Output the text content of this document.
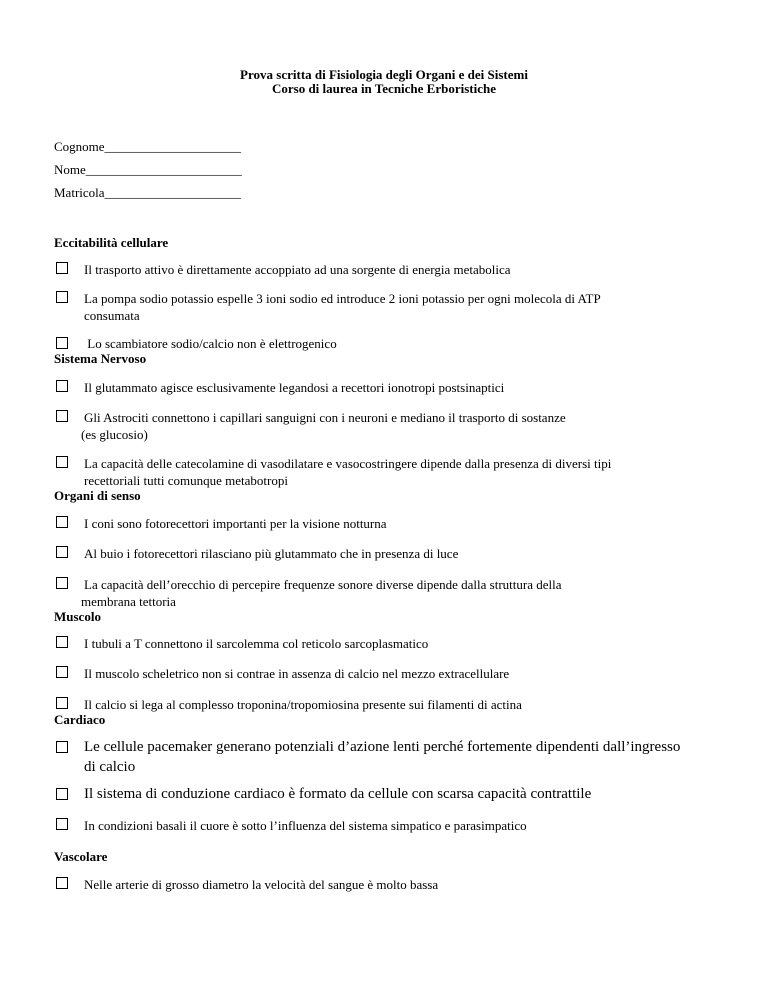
Prova scritta di Fisiologia degli Organi e dei Sistemi
Corso di laurea in Tecniche Erboristiche
Cognome_____________________
Nome________________________
Matricola_____________________
Eccitabilità cellulare
Il trasporto attivo è direttamente accoppiato ad una sorgente di energia metabolica
La pompa sodio potassio espelle 3 ioni sodio ed introduce 2 ioni potassio per ogni molecola di ATP
consumata
Lo scambiatore sodio/calcio non è elettrogenico
Sistema Nervoso
Il glutammato agisce esclusivamente legandosi a recettori ionotropi postsinaptici
Gli Astrociti connettono i capillari sanguigni con i neuroni e mediano il trasporto di sostanze
(es glucosio)
La capacità delle catecolamine di vasodilatare e vasocostringere dipende dalla presenza di diversi tipi
recettoriali tutti comunque metabotropi
Organi di senso
I coni sono fotorecettori importanti per la visione notturna
Al buio i fotorecettori rilasciano più glutammato che in presenza di luce
La capacità dell’orecchio di percepire frequenze sonore diverse dipende dalla struttura della
membrana tettoria
Muscolo
I tubuli a T connettono il sarcolemma col reticolo sarcoplasmatico
Il muscolo scheletrico non si contrae in assenza di calcio nel mezzo extracellulare
Il calcio si lega al complesso troponina/tropomiosina presente sui filamenti di actina
Cardiaco
Le cellule pacemaker generano potenziali d’azione lenti perché fortemente dipendenti dall’ingresso
di calcio
Il sistema di conduzione cardiaco è formato da cellule con scarsa capacità contrattile
In condizioni basali il cuore è sotto l’influenza del sistema simpatico e parasimpatico
Vascolare
Nelle arterie di grosso diametro la velocità del sangue è molto bassa
